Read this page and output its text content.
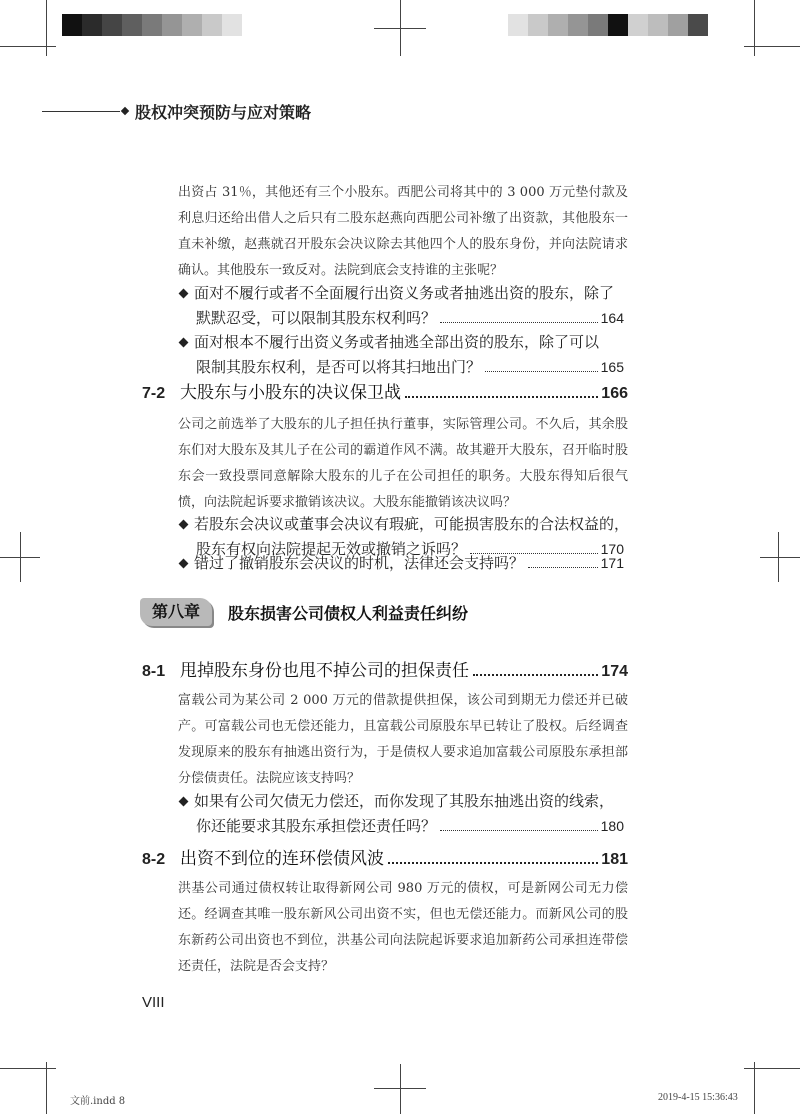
股权冲突预防与应对策略
出资占 31％，其他还有三个小股东。西肥公司将其中的 3 000 万元垫付款及利息归还给出借人之后只有二股东赵燕向西肥公司补缴了出资款，其他股东一直未补缴，赵燕就召开股东会决议除去其他四个人的股东身份，并向法院请求确认。其他股东一致反对。法院到底会支持谁的主张呢？
面对不履行或者不全面履行出资义务或者抽逃出资的股东，除了
默默忍受，可以限制其股东权利吗？	164
面对根本不履行出资义务或者抽逃全部出资的股东，除了可以
限制其股东权利，是否可以将其扫地出门？	165
7-2 大股东与小股东的决议保卫战	166
公司之前选举了大股东的儿子担任执行董事，实际管理公司。不久后，其余股东们对大股东及其儿子在公司的霸道作风不满。故其避开大股东，召开临时股东会一致投票同意解除大股东的儿子在公司担任的职务。大股东得知后很气愤，向法院起诉要求撤销该决议。大股东能撤销该决议吗？
若股东会决议或董事会决议有瑕疵，可能损害股东的合法权益的，
股东有权向法院提起无效或撤销之诉吗？	170
错过了撤销股东会决议的时机，法律还会支持吗？	171
第八章	股东损害公司债权人利益责任纠纷
8-1 甩掉股东身份也甩不掉公司的担保责任	174
富载公司为某公司 2 000 万元的借款提供担保，该公司到期无力偿还并已破产。可富载公司也无偿还能力，且富载公司原股东早已转让了股权。后经调查发现原来的股东有抽逃出资行为，于是债权人要求追加富载公司原股东承担部分偿债责任。法院应该支持吗？
如果有公司欠债无力偿还，而你发现了其股东抽逃出资的线索，
你还能要求其股东承担偿还责任吗？	180
8-2 出资不到位的连环偿债风波	181
洪基公司通过债权转让取得新网公司 980 万元的债权，可是新网公司无力偿还。经调查其唯一股东新风公司出资不实，但也无偿还能力。而新风公司的股东新药公司出资也不到位，洪基公司向法院起诉要求追加新药公司承担连带偿还责任，法院是否会支持？
VIII
文前.indd 8	2019-4-15 15:36:43
